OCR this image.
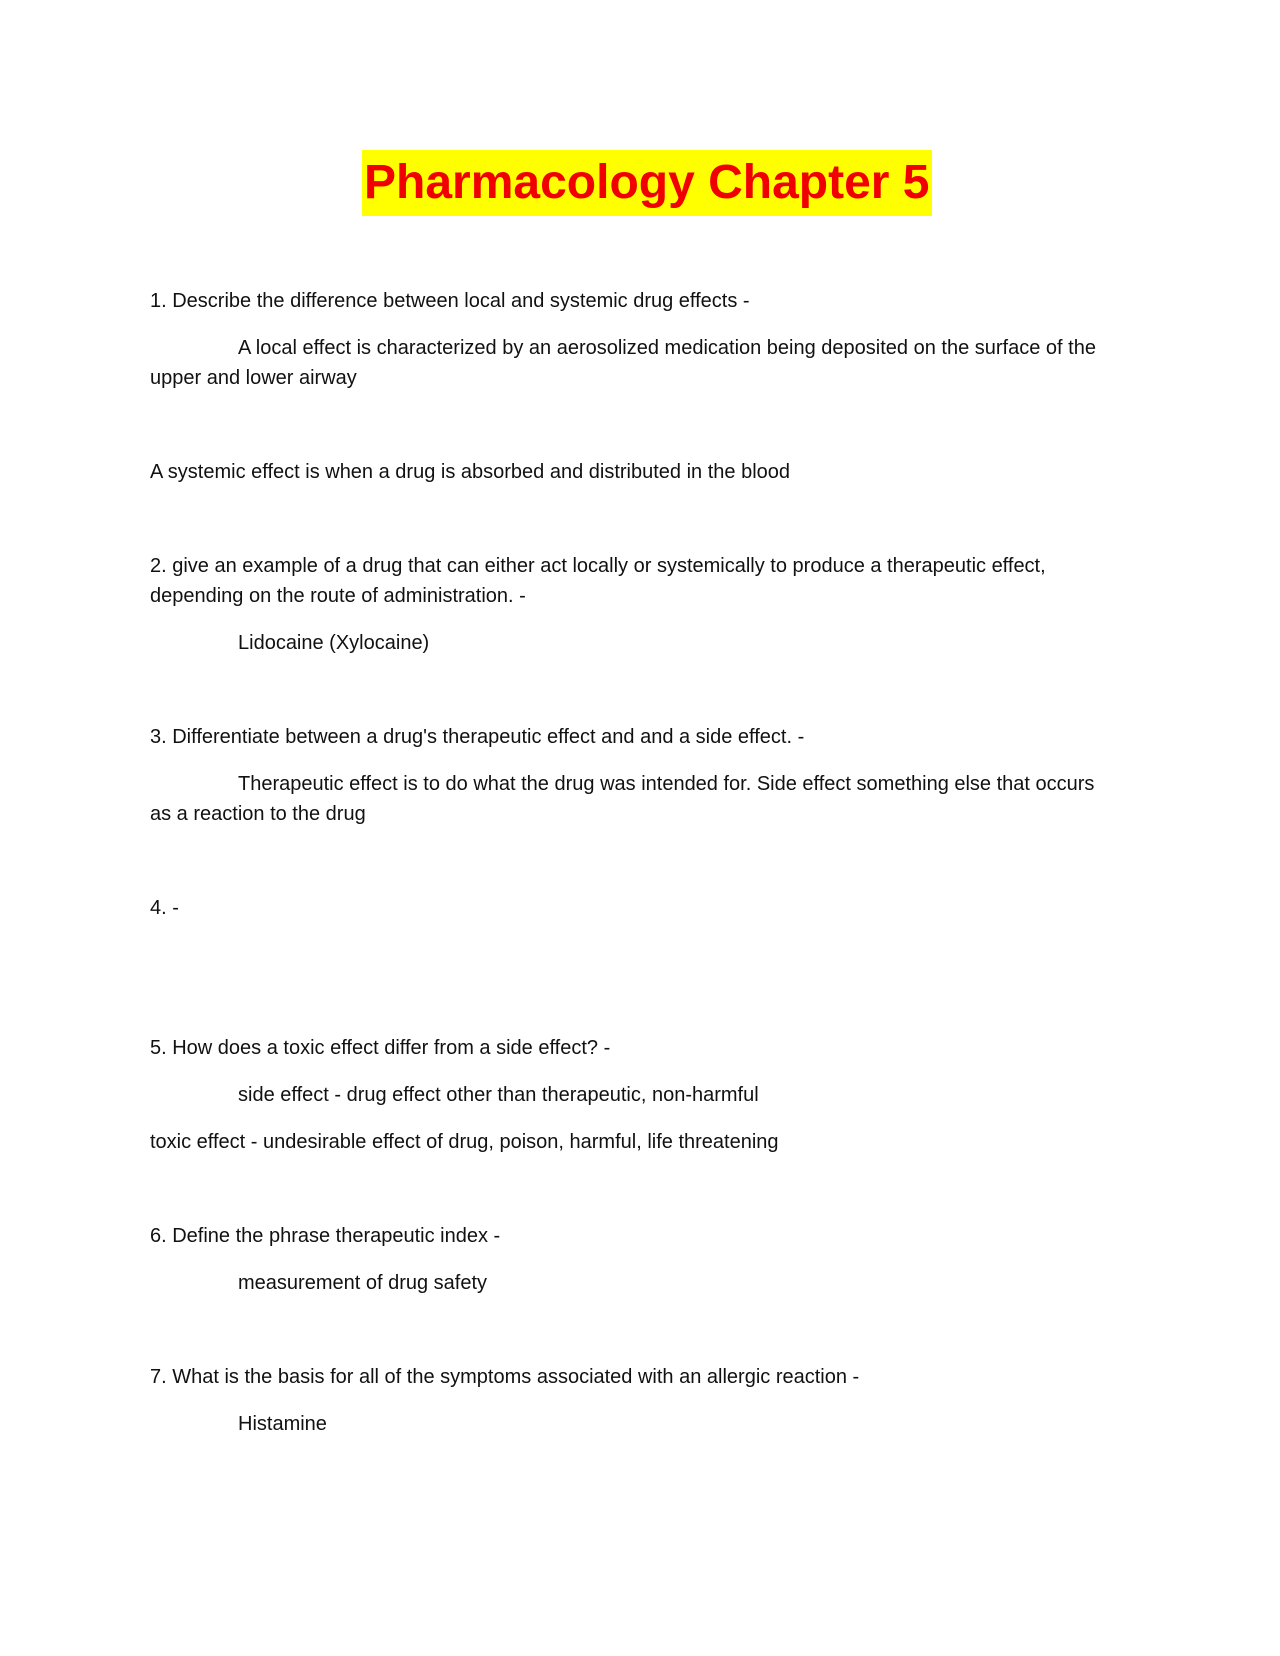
Pharmacology Chapter 5
1. Describe the difference between local and systemic drug effects -
A local effect is characterized by an aerosolized medication being deposited on the surface of the upper and lower airway
A systemic effect is when a drug is absorbed and distributed in the blood
2. give an example of a drug that can either act locally or systemically to produce a therapeutic effect, depending on the route of administration. -
Lidocaine (Xylocaine)
3. Differentiate between a drug's therapeutic effect and and a side effect. -
Therapeutic effect is to do what the drug was intended for. Side effect something else that occurs as a reaction to the drug
4. -
5. How does a toxic effect differ from a side effect? -
side effect - drug effect other than therapeutic, non-harmful
toxic effect - undesirable effect of drug, poison, harmful, life threatening
6. Define the phrase therapeutic index -
measurement of drug safety
7. What is the basis for all of the symptoms associated with an allergic reaction -
Histamine
